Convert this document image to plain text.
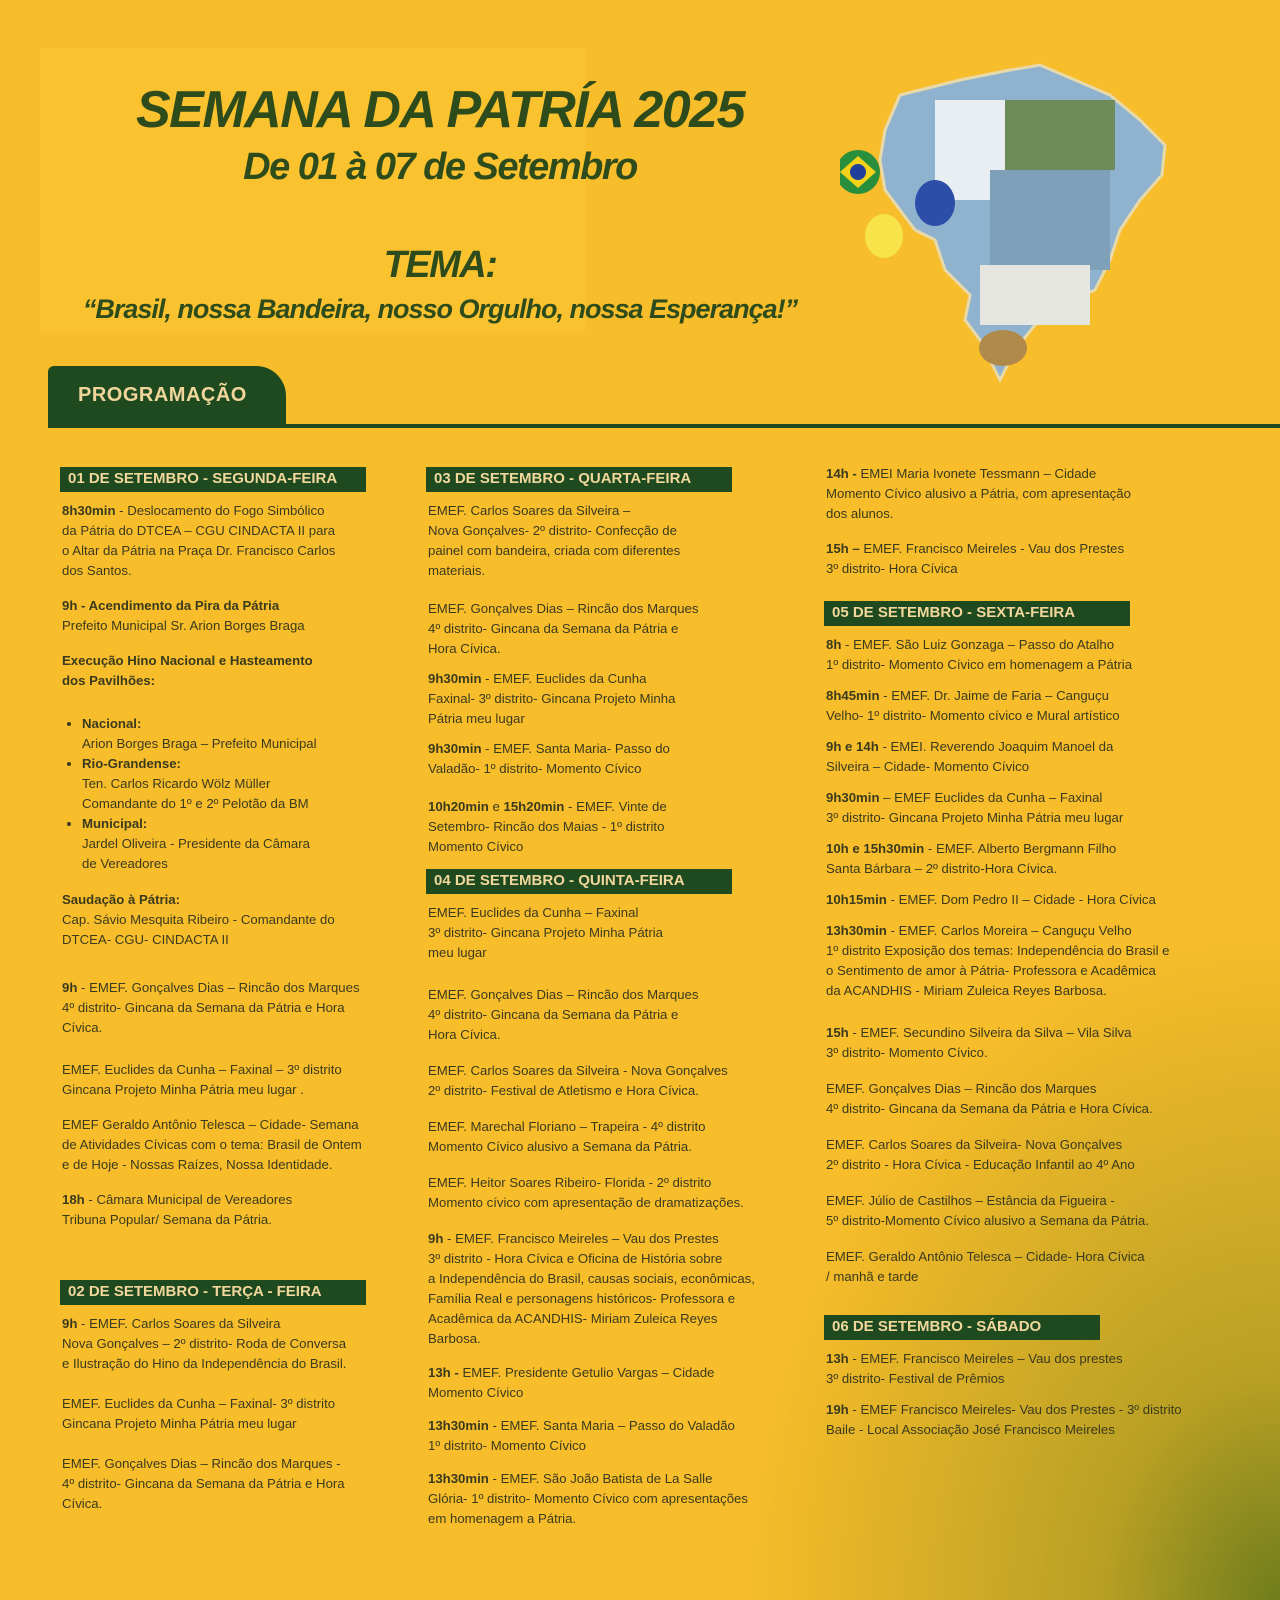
SEMANA DA PATRÍA 2025
De 01 à 07 de Setembro
TEMA:
“Brasil, nossa Bandeira, nosso Orgulho, nossa Esperança!”
PROGRAMAÇÃO
01 DE SETEMBRO - SEGUNDA-FEIRA
8h30min - Deslocamento do Fogo Simbólico
da Pátria do DTCEA – CGU CINDACTA II para
o Altar da Pátria na Praça Dr. Francisco Carlos
dos Santos.
9h - Acendimento da Pira da Pátria
Prefeito Municipal Sr. Arion Borges Braga
Execução Hino Nacional e Hasteamento
dos Pavilhões:
• Nacional:
Arion Borges Braga – Prefeito Municipal
• Rio-Grandense:
Ten. Carlos Ricardo Wölz Müller
Comandante do 1º e 2º Pelotão da BM
• Municipal:
Jardel Oliveira - Presidente da Câmara
de Vereadores
Saudação à Pátria:
Cap. Sávio Mesquita Ribeiro - Comandante do
DTCEA- CGU- CINDACTA II
9h - EMEF. Gonçalves Dias – Rincão dos Marques
4º distrito- Gincana da Semana da Pátria e Hora
Cívica.
EMEF. Euclides da Cunha – Faxinal – 3º distrito
Gincana Projeto Minha Pátria meu lugar .
EMEF Geraldo Antônio Telesca – Cidade- Semana
de Atividades Cívicas com o tema: Brasil de Ontem
e de Hoje - Nossas Raízes, Nossa Identidade.
18h - Câmara Municipal de Vereadores
Tribuna Popular/ Semana da Pátria.
02 DE SETEMBRO - TERÇA - FEIRA
9h - EMEF. Carlos Soares da Silveira
Nova Gonçalves – 2º distrito- Roda de Conversa
e Ilustração do Hino da Independência do Brasil.
EMEF. Euclides da Cunha – Faxinal- 3º distrito
Gincana Projeto Minha Pátria meu lugar
EMEF. Gonçalves Dias – Rincão dos Marques -
4º distrito- Gincana da Semana da Pátria e Hora
Cívica.
03 DE SETEMBRO - QUARTA-FEIRA
EMEF. Carlos Soares da Silveira –
Nova Gonçalves- 2º distrito- Confecção de
painel com bandeira, criada com diferentes
materiais.
EMEF. Gonçalves Dias – Rincão dos Marques
4º distrito- Gincana da Semana da Pátria e
Hora Cívica.
9h30min - EMEF. Euclides da Cunha
Faxinal- 3º distrito- Gincana Projeto Minha
Pátria meu lugar
9h30min - EMEF. Santa Maria- Passo do
Valadão- 1º distrito- Momento Cívico
10h20min e 15h20min - EMEF. Vinte de
Setembro- Rincão dos Maias - 1º distrito
Momento Cívico
04 DE SETEMBRO - QUINTA-FEIRA
EMEF. Euclides da Cunha – Faxinal
3º distrito- Gincana Projeto Minha Pátria
meu lugar
EMEF. Gonçalves Dias – Rincão dos Marques
4º distrito- Gincana da Semana da Pátria e
Hora Cívica.
EMEF. Carlos Soares da Silveira - Nova Gonçalves
2º distrito- Festival de Atletismo e Hora Cívica.
EMEF. Marechal Floriano – Trapeira - 4º distrito
Momento Cívico alusivo a Semana da Pátria.
EMEF. Heitor Soares Ribeiro- Florida - 2º distrito
Momento cívico com apresentação de dramatizações.
9h - EMEF. Francisco Meireles – Vau dos Prestes
3º distrito - Hora Cívica e Oficina de História sobre
a Independência do Brasil, causas sociais, econômicas,
Família Real e personagens históricos- Professora e
Acadêmica da ACANDHIS- Miriam Zuleica Reyes
Barbosa.
13h - EMEF. Presidente Getulio Vargas – Cidade
Momento Cívico
13h30min - EMEF. Santa Maria – Passo do Valadão
1º distrito- Momento Cívico
13h30min - EMEF. São João Batista de La Salle
Glória- 1º distrito- Momento Cívico com apresentações
em homenagem a Pátria.
14h - EMEI Maria Ivonete Tessmann – Cidade
Momento Cívico alusivo a Pátria, com apresentação
dos alunos.
15h – EMEF. Francisco Meireles - Vau dos Prestes
3º distrito- Hora Cívica
05 DE SETEMBRO - SEXTA-FEIRA
8h - EMEF. São Luiz Gonzaga – Passo do Atalho
1º distrito- Momento Cívico em homenagem a Pátria
8h45min - EMEF. Dr. Jaime de Faria – Canguçu
Velho- 1º distrito- Momento cívico e Mural artístico
9h e 14h - EMEI. Reverendo Joaquim Manoel da
Silveira – Cidade- Momento Cívico
9h30min – EMEF Euclides da Cunha – Faxinal
3º distrito- Gincana Projeto Minha Pátria meu lugar
10h e 15h30min - EMEF. Alberto Bergmann Filho
Santa Bárbara – 2º distrito-Hora Cívica.
10h15min - EMEF. Dom Pedro II – Cidade - Hora Cívica
13h30min - EMEF. Carlos Moreira – Canguçu Velho
1º distrito Exposição dos temas: Independência do Brasil e
o Sentimento de amor à Pátria- Professora e Acadêmica
da ACANDHIS - Miriam Zuleica Reyes Barbosa.
15h - EMEF. Secundino Silveira da Silva – Vila Silva
3º distrito- Momento Cívico.
EMEF. Gonçalves Dias – Rincão dos Marques
4º distrito- Gincana da Semana da Pátria e Hora Cívica.
EMEF. Carlos Soares da Silveira- Nova Gonçalves
2º distrito - Hora Cívica - Educação Infantil ao 4º Ano
EMEF. Júlio de Castilhos – Estância da Figueira -
5º distrito-Momento Cívico alusivo a Semana da Pátria.
EMEF. Geraldo Antônio Telesca – Cidade- Hora Cívica
/ manhã e tarde
06 DE SETEMBRO - SÁBADO
13h - EMEF. Francisco Meireles – Vau dos prestes
3º distrito- Festival de Prêmios
19h - EMEF Francisco Meireles- Vau dos Prestes - 3º distrito
Baile - Local Associação José Francisco Meireles
